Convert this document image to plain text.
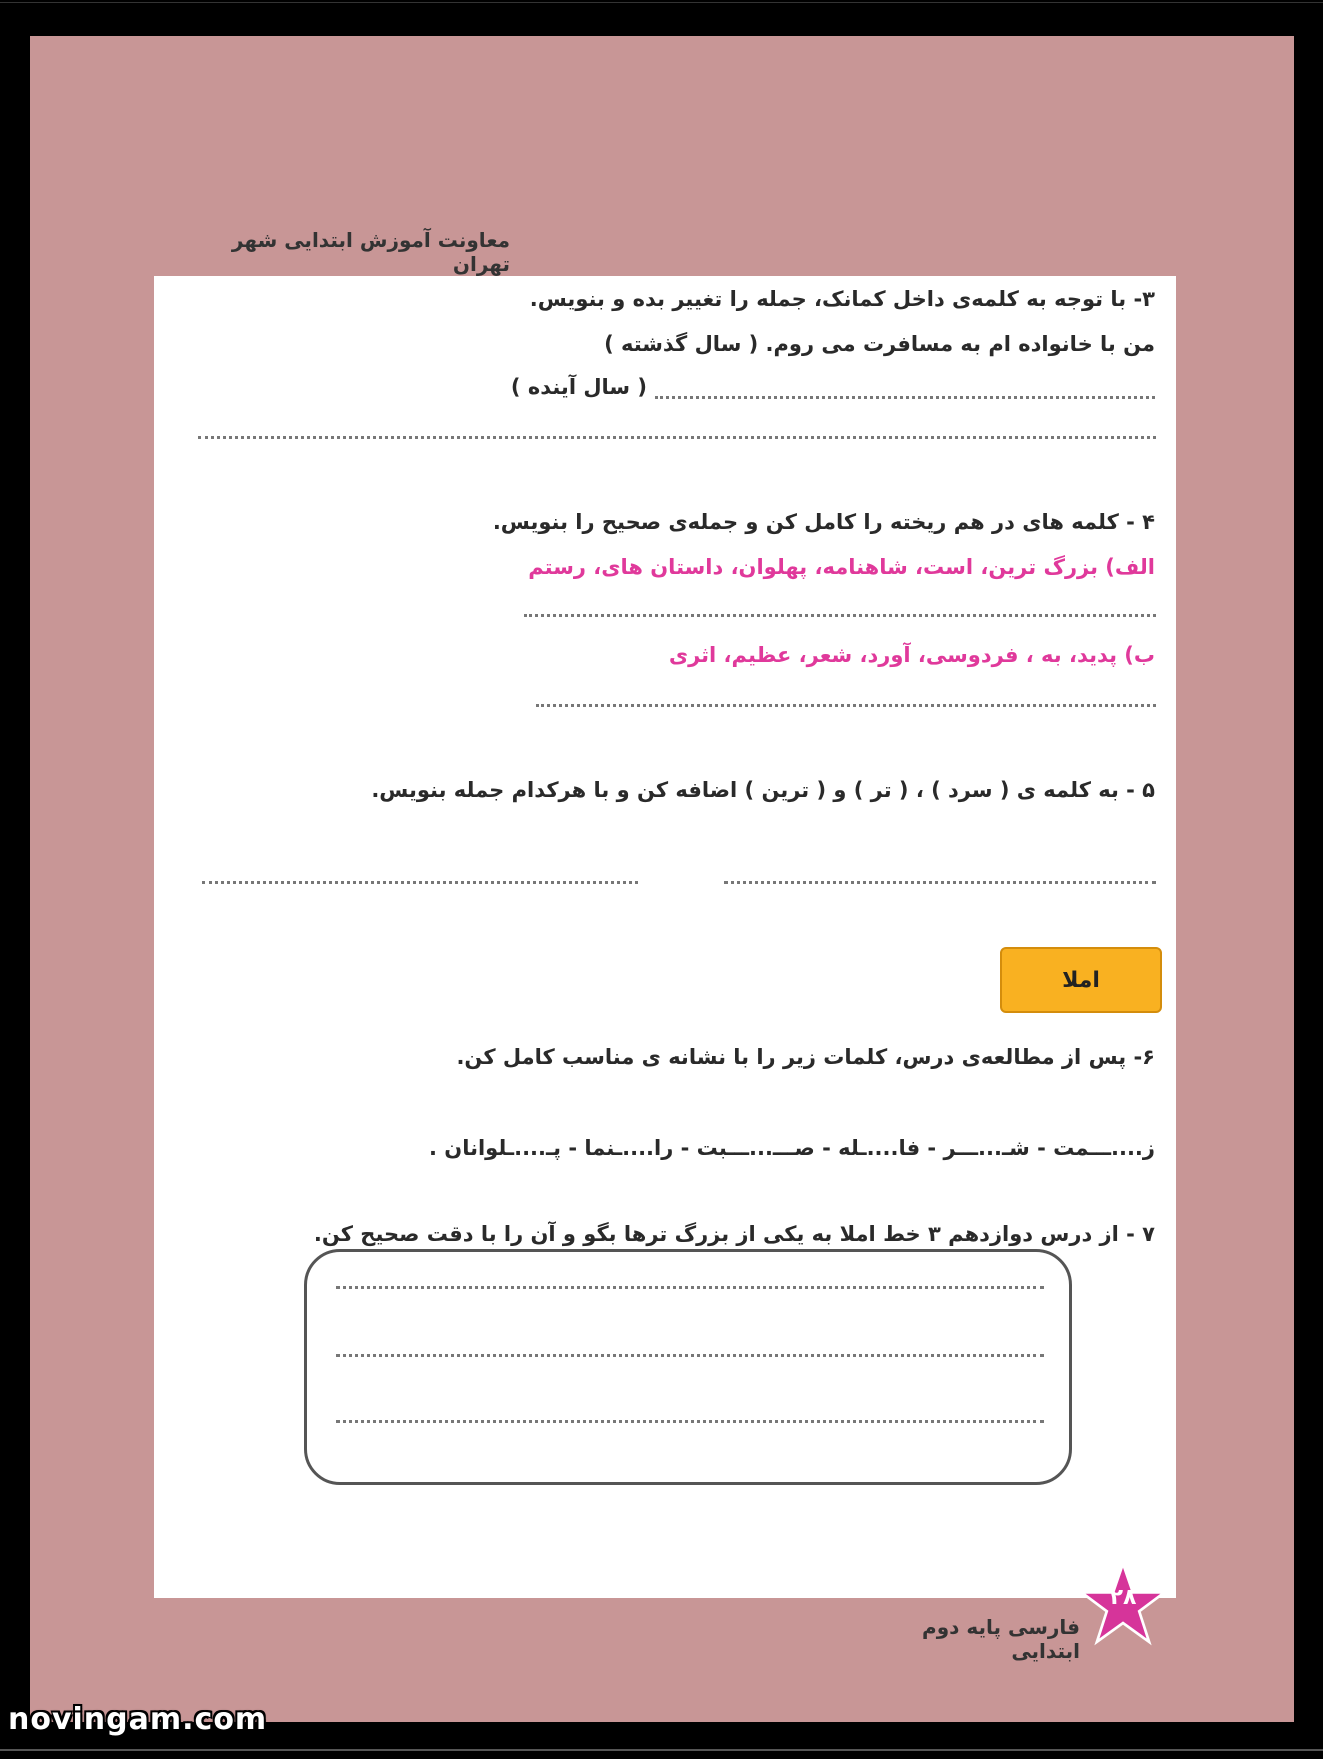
معاونت آموزش ابتدایی شهر تهران
۳- با توجه به کلمه‌ی داخل کمانک، جمله را تغییر بده و بنویس.
من با خانواده ام به مسافرت می روم. ( سال گذشته )
( سال آینده )
۴ - کلمه های در هم ریخته را کامل کن و جمله‌ی صحیح را بنویس.
الف) بزرگ ترین، است، شاهنامه، پهلوان، داستان های، رستم
ب) پدید، به ، فردوسی، آورد، شعر، عظیم، اثری
۵ - به کلمه ی ( سرد ) ، ( تر ) و ( ترین ) اضافه کن و با هرکدام جمله بنویس.
املا
۶- پس از مطالعه‌ی درس، کلمات زیر را با نشانه ی مناسب کامل کن.
ز....ـــمت - شـ...ـــر - فا....ـله - صـــ...ـــبت - را....ـنما - پـ....ـلوانان .
۷ - از درس دوازدهم ۳ خط املا به یکی از بزرگ ترها بگو و آن را با دقت صحیح کن.
۲۸
فارسی پایه دوم ابتدایی
novingam.com
